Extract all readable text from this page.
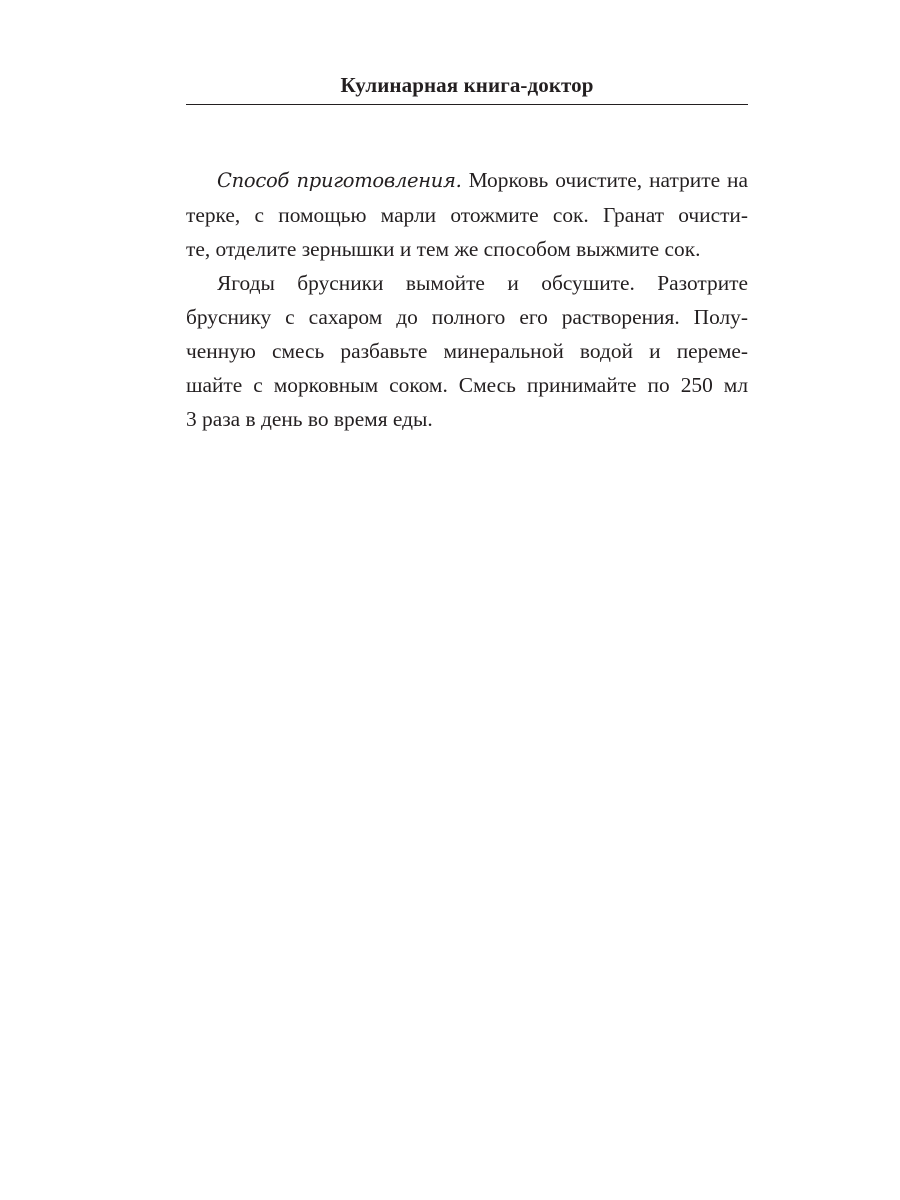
Кулинарная книга-доктор
Способ приготовления. Морковь очистите, натрите на
терке, с помощью марли отожмите сок. Гранат очисти-
те, отделите зернышки и тем же способом выжмите сок.
Ягоды брусники вымойте и обсушите. Разотрите
бруснику с сахаром до полного его растворения. Полу-
ченную смесь разбавьте минеральной водой и переме-
шайте с морковным соком. Смесь принимайте по 250 мл
3 раза в день во время еды.
